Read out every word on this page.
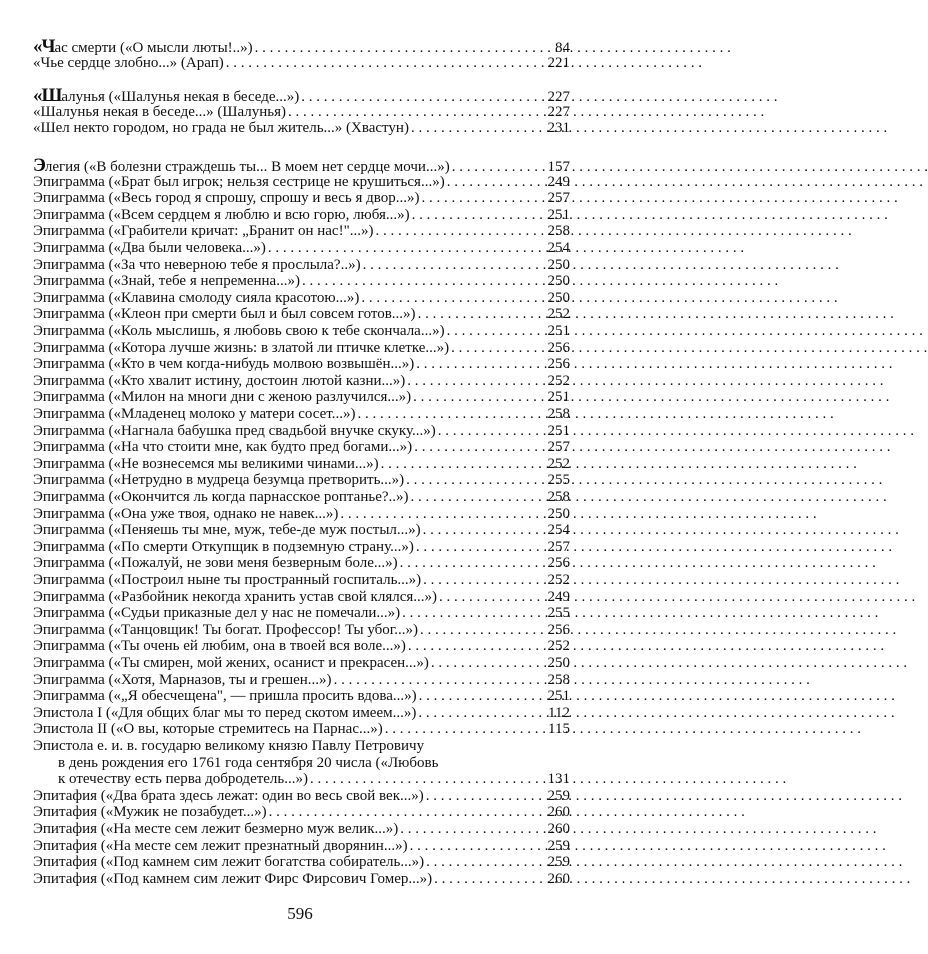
«Час смерти («О мысли люты!..») . . .	84
«Чье сердце злобно...» (Арап) . . .	221
«Шалунья («Шалунья некая в беседе...») . . .	227
«Шалунья некая в беседе...» (Шалунья) . . .	227
«Шел некто городом, но града не был житель...» (Хвастун) . . .	231
Элегия («В болезни страждешь ты... В моем нет сердце мочи...») . . .	157
Эпиграмма («Брат был игрок; нельзя сестрице не крушиться...») . . .	249
Эпиграмма («Весь город я спрошу, спрошу и весь я двор...») . . .	257
Эпиграмма («Всем сердцем я люблю и всю горю, любя...») . . .	251
Эпиграмма («Грабители кричат: „Бранит он нас!"...») . . .	258
Эпиграмма («Два были человека...») . . .	254
Эпиграмма («За что неверною тебе я прослыла?..») . . .	250
Эпиграмма («Знай, тебе я непременна...») . . .	250
Эпиграмма («Клавина смолоду сияла красотою...») . . .	250
Эпиграмма («Клеон при смерти был и был совсем готов...») . . .	252
Эпиграмма («Коль мыслишь, я любовь свою к тебе скончала...») . . .	251
Эпиграмма («Котора лучше жизнь: в златой ли птичке клетке...») . . .	256
Эпиграмма («Кто в чем когда-нибудь молвою возвышён...») . . .	256
Эпиграмма («Кто хвалит истину, достоин лютой казни...») . . .	252
Эпиграмма («Милон на многи дни с женою разлучился...») . . .	251
Эпиграмма («Младенец молоко у матери сосет...») . . .	258
Эпиграмма («Нагнала бабушка пред свадьбой внучке скуку...») . . .	251
Эпиграмма («На что стоити мне, как будто пред богами...») . . .	257
Эпиграмма («Не вознесемся мы великими чинами...») . . .	252
Эпиграмма («Нетрудно в мудреца безумца претворить...») . . .	255
Эпиграмма («Окончится ль когда парнасское роптанье?..») . . .	258
Эпиграмма («Она уже твоя, однако не навек...») . . .	250
Эпиграмма («Пеняешь ты мне, муж, тебе-де муж постыл...») . . .	254
Эпиграмма («По смерти Откупщик в подземную страну...») . . .	257
Эпиграмма («Пожалуй, не зови меня безверным боле...») . . .	256
Эпиграмма («Построил ныне ты пространный госпиталь...») . . .	252
Эпиграмма («Разбойник некогда хранить устав свой клялся...») . . .	249
Эпиграмма («Судьи приказные дел у нас не помечали...») . . .	255
Эпиграмма («Танцовщик! Ты богат. Профессор! Ты убог...») . . .	256
Эпиграмма («Ты очень ей любим, она в твоей вся воле...») . . .	252
Эпиграмма («Ты смирен, мой жених, осанист и прекрасен...») . . .	250
Эпиграмма («Хотя, Марназов, ты и грешен...») . . .	258
Эпиграмма («„Я обесчещена", — пришла просить вдова...») . . .	251
Эпистола I («Для общих благ мы то перед скотом имеем...») . . .	112
Эпистола II («О вы, которые стремитесь на Парнас...») . . .	115
Эпистола е. и. в. государю великому князю Павлу Петровичу
в день рождения его 1761 года сентября 20 числа («Любовь
к отечеству есть перва добродетель...») . . .	131
Эпитафия («Два брата здесь лежат: один во весь свой век...») . . .	259
Эпитафия («Мужик не позабудет...») . . .	260
Эпитафия («На месте сем лежит безмерно муж велик...») . . .	260
596
Эпитафия («На месте сем лежит презнатный дворянин...») . . .	259
Эпитафия («Под камнем сим лежит богатства собиратель...») . . .	259
Эпитафия («Под камнем сим лежит Фирс Фирсович Гомер...») . . .	260
